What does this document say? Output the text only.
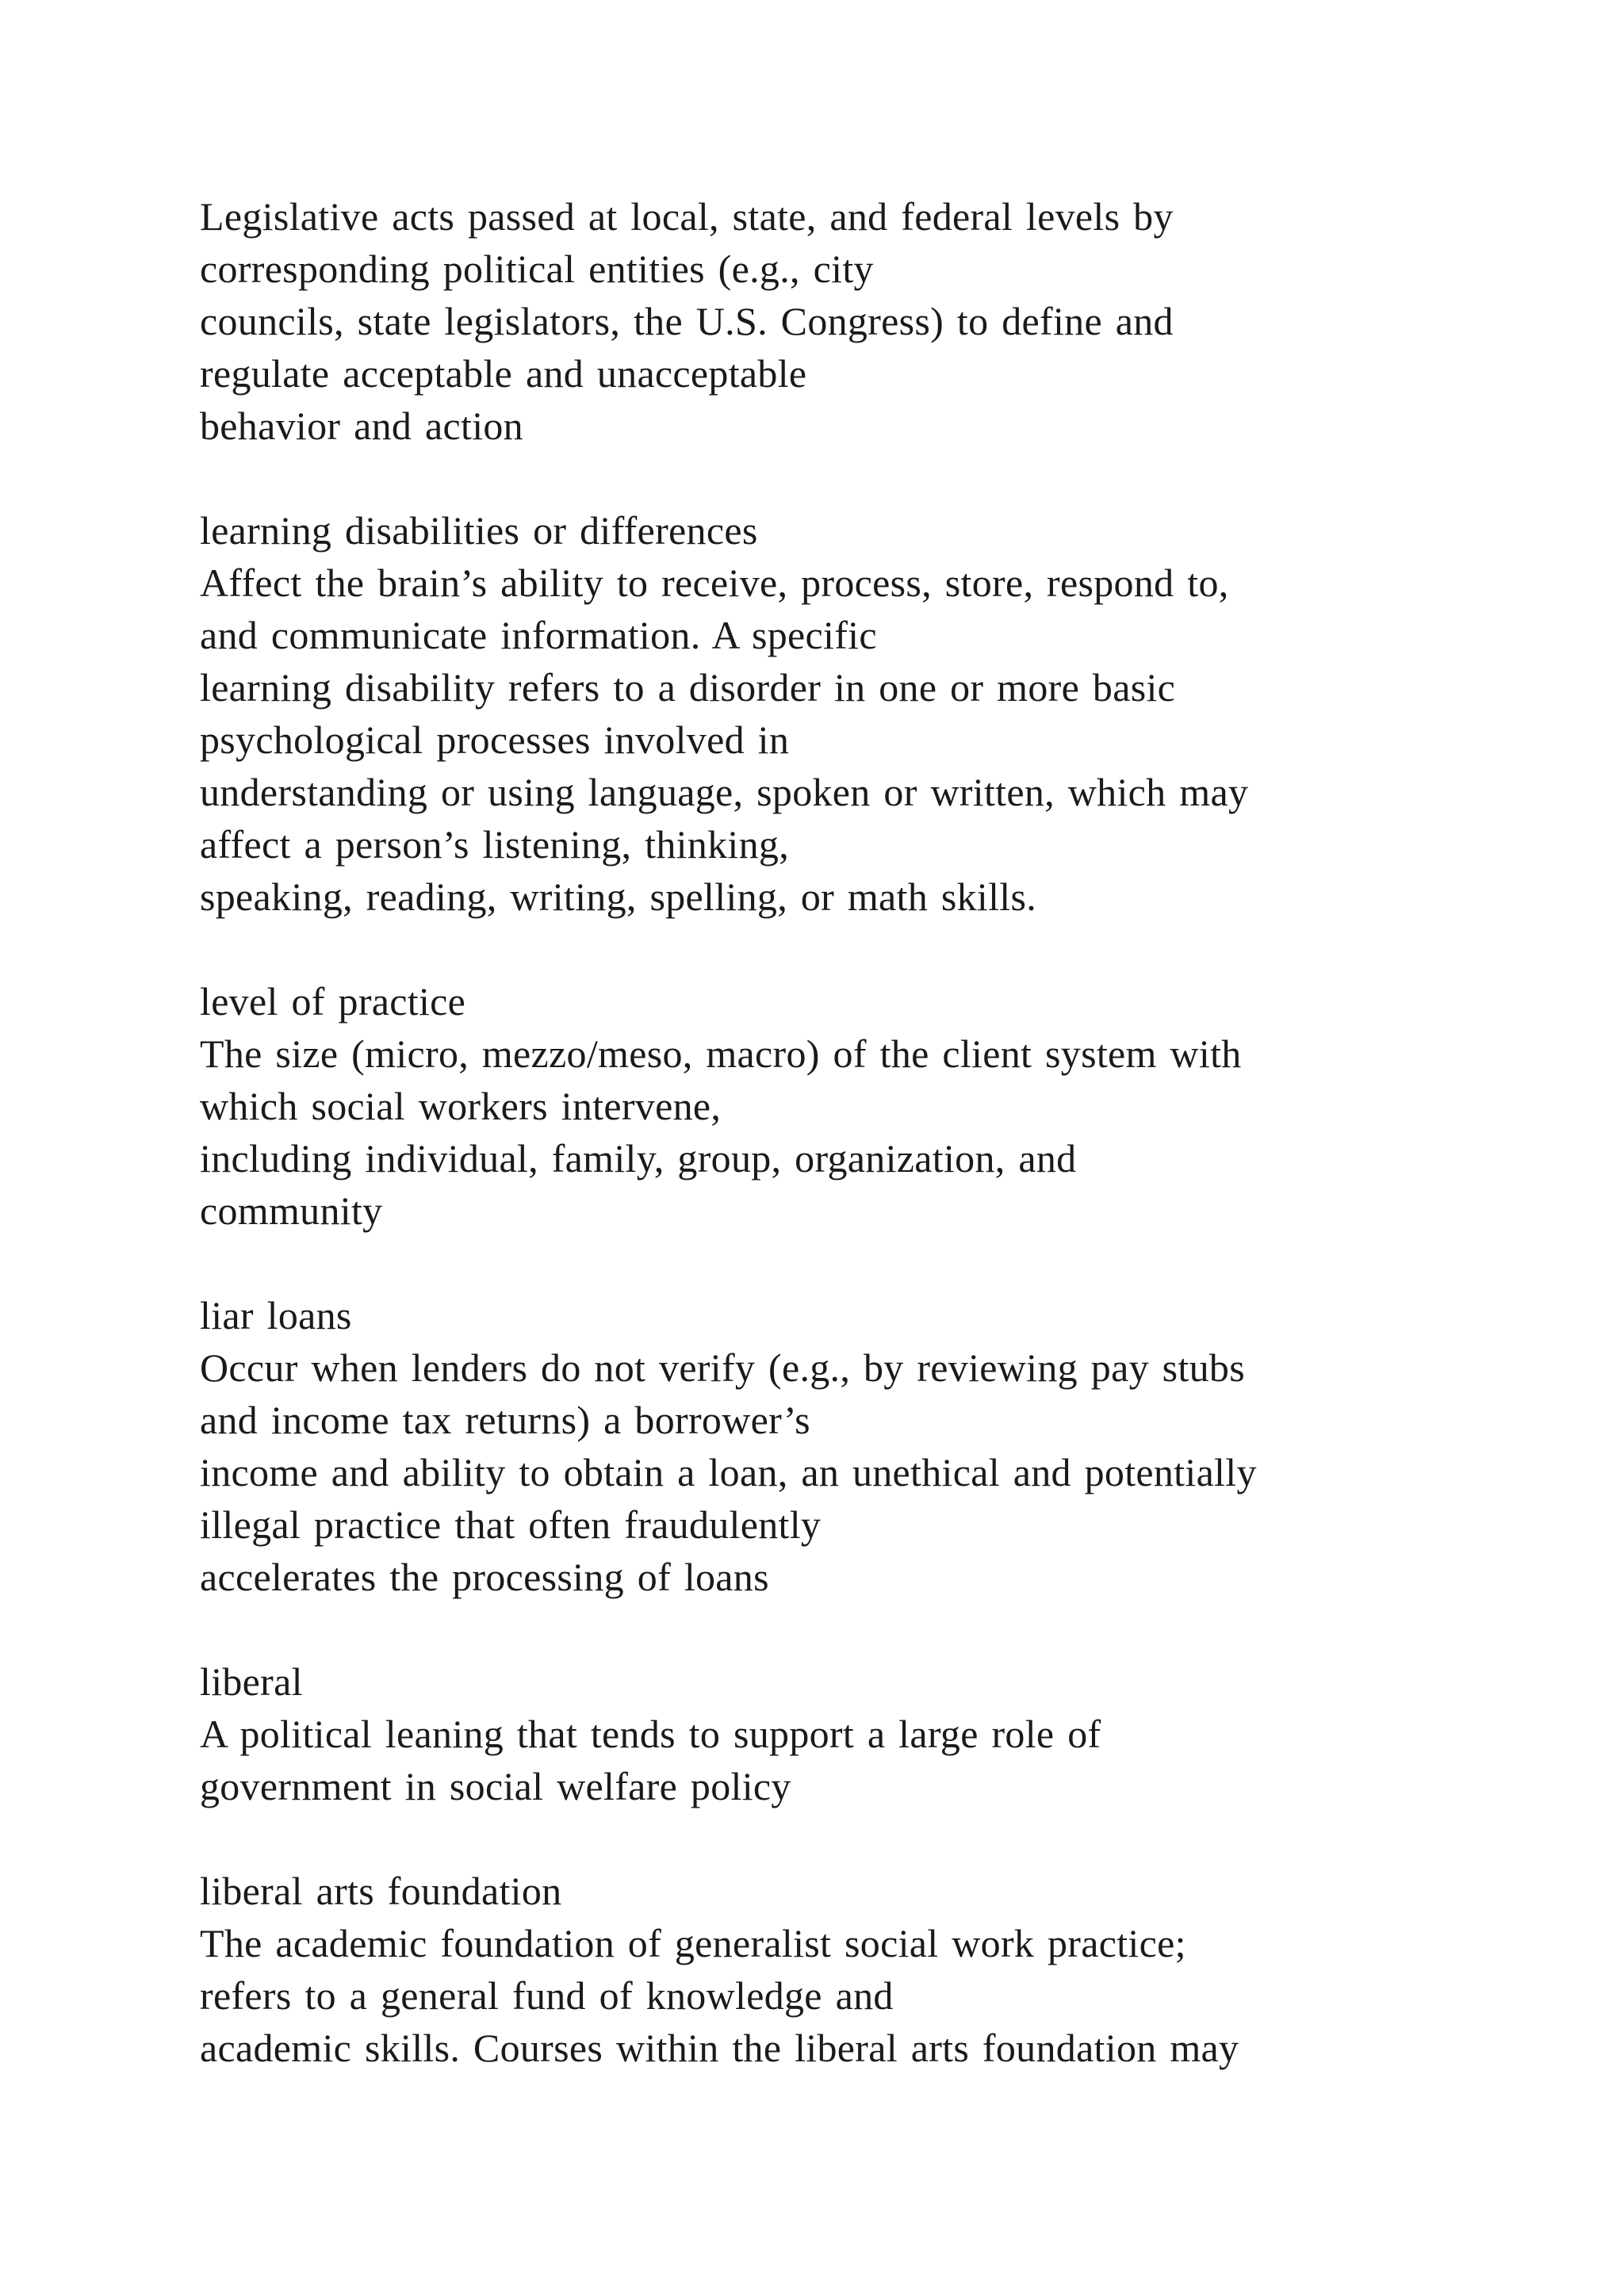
Legislative acts passed at local, state, and federal levels by
corresponding political entities (e.g., city
councils, state legislators, the U.S. Congress) to define and
regulate acceptable and unacceptable
behavior and action
learning disabilities or differences
Affect the brain’s ability to receive, process, store, respond to,
and communicate information. A specific
learning disability refers to a disorder in one or more basic
psychological processes involved in
understanding or using language, spoken or written, which may
affect a person’s listening, thinking,
speaking, reading, writing, spelling, or math skills.
level of practice
The size (micro, mezzo/meso, macro) of the client system with
which social workers intervene,
including individual, family, group, organization, and
community
liar loans
Occur when lenders do not verify (e.g., by reviewing pay stubs
and income tax returns) a borrower’s
income and ability to obtain a loan, an unethical and potentially
illegal practice that often fraudulently
accelerates the processing of loans
liberal
A political leaning that tends to support a large role of
government in social welfare policy
liberal arts foundation
The academic foundation of generalist social work practice;
refers to a general fund of knowledge and
academic skills. Courses within the liberal arts foundation may
